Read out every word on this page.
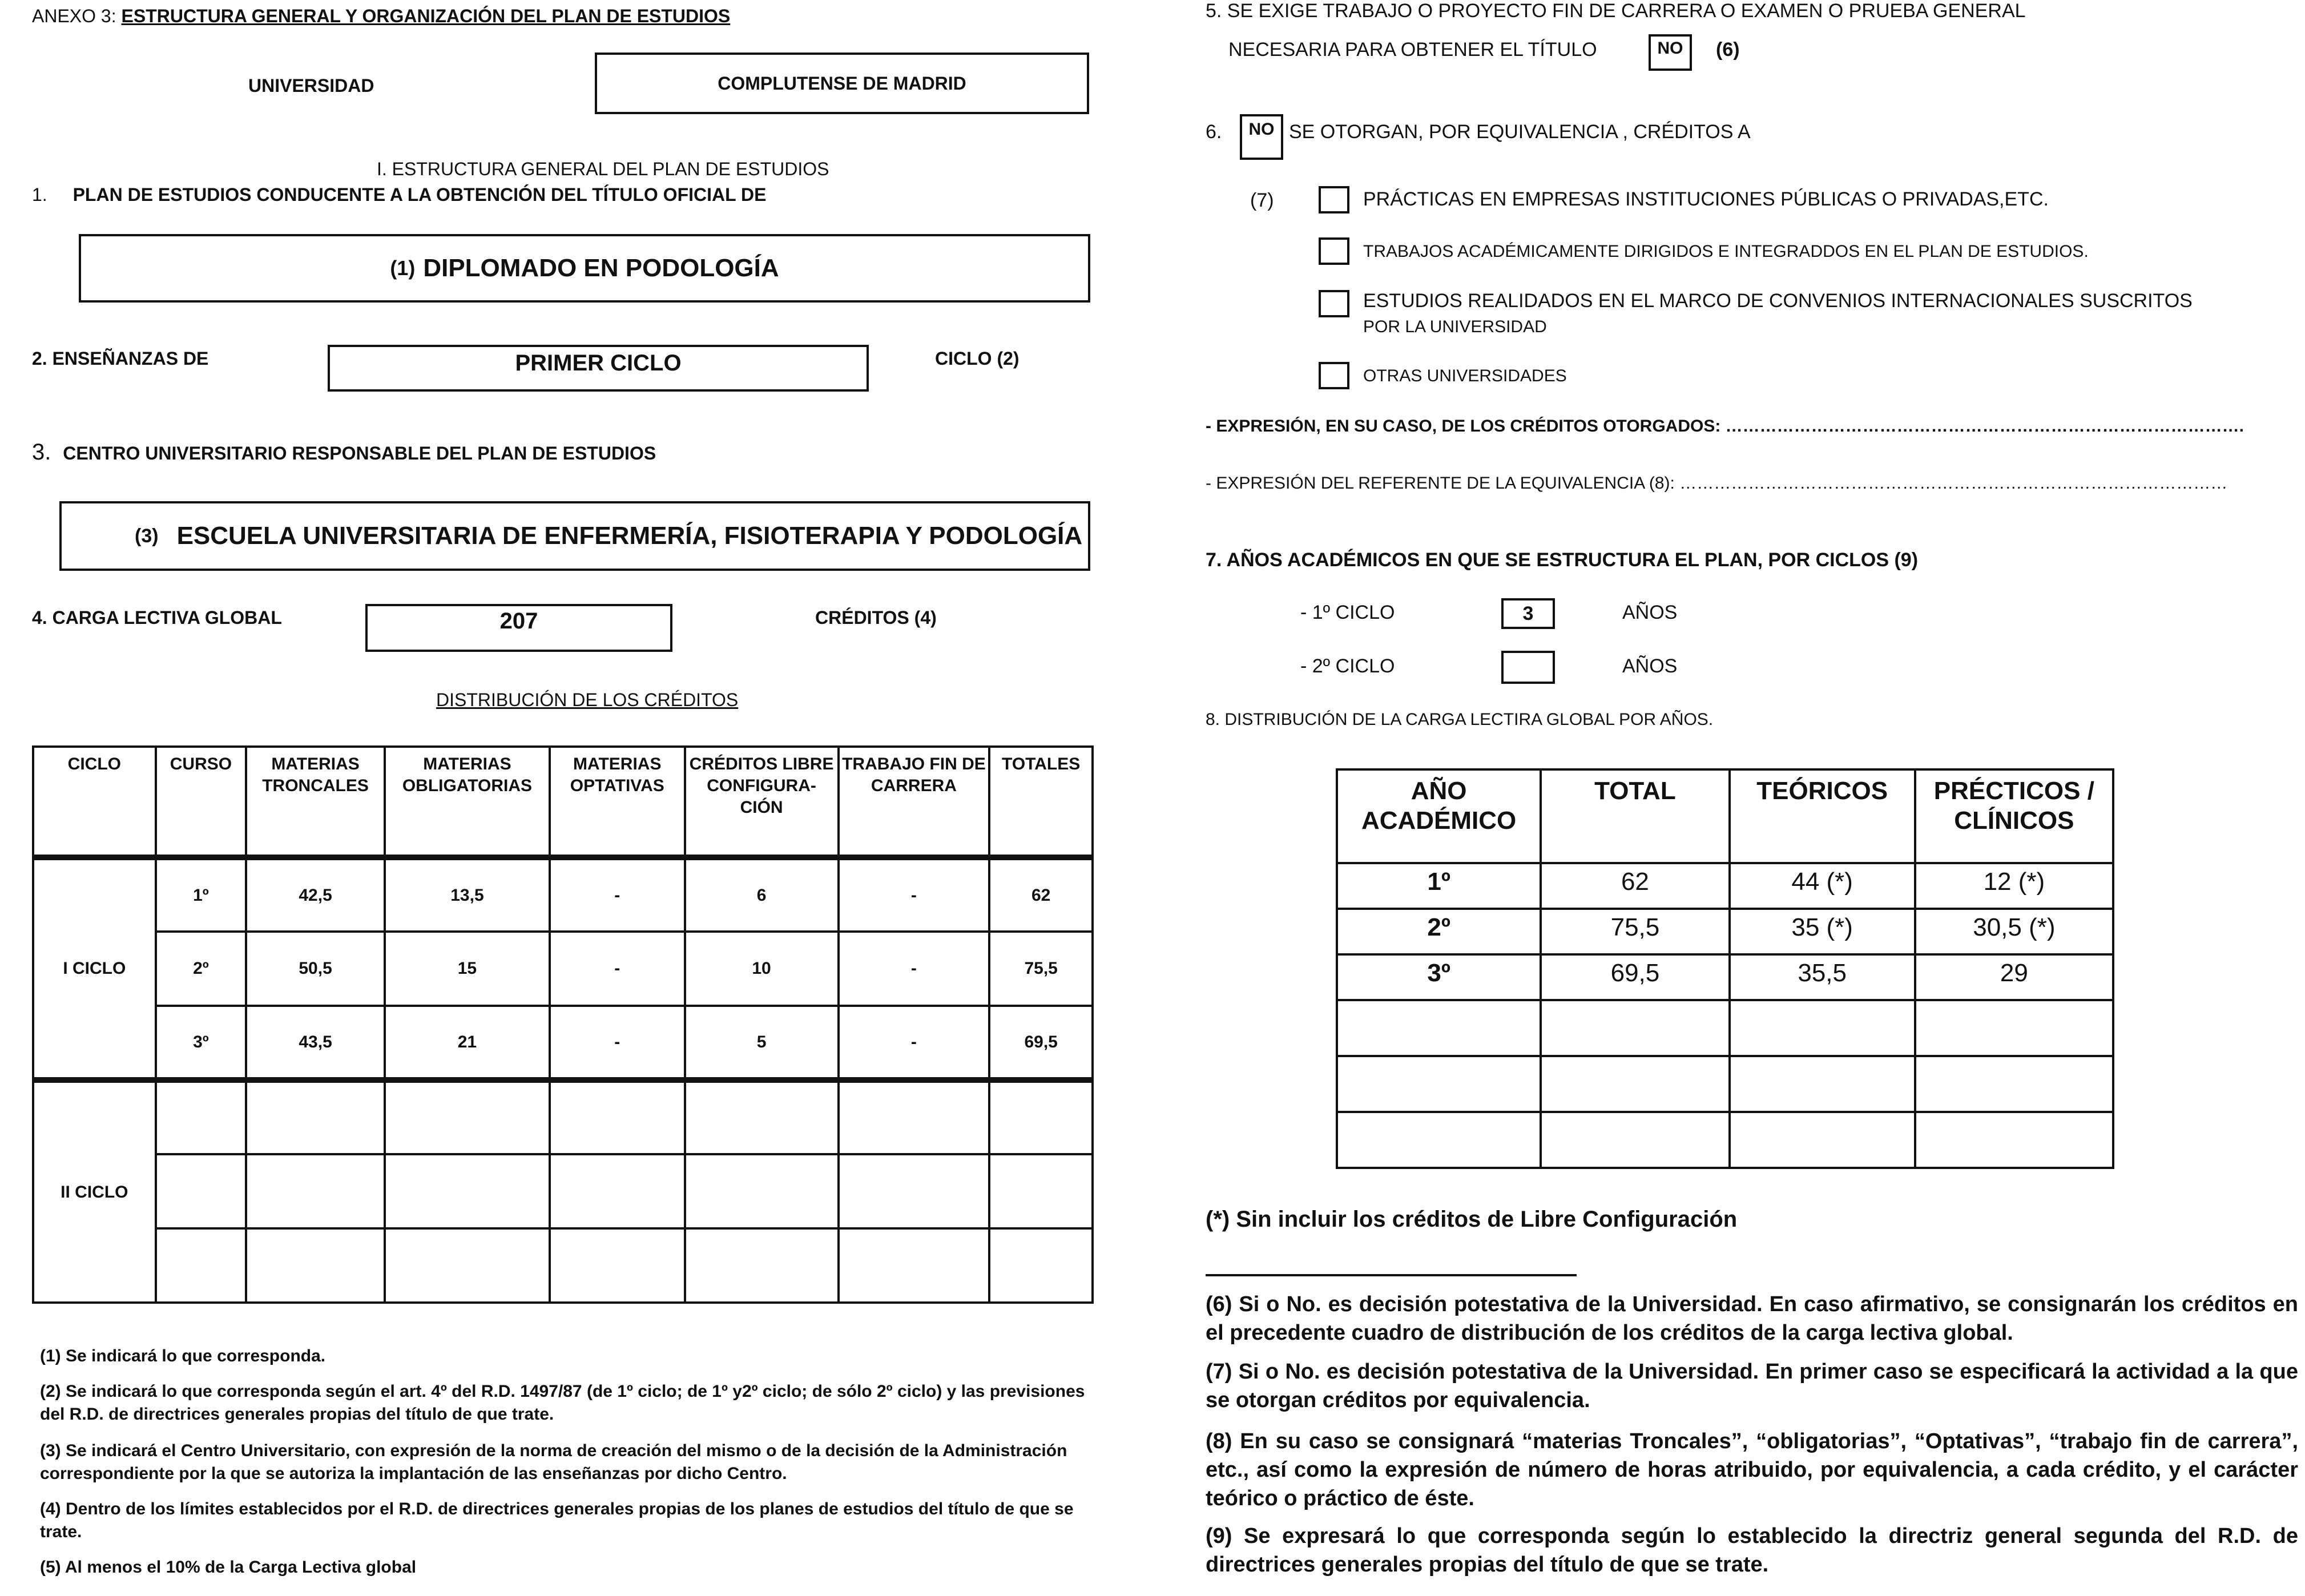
ANEXO 3: ESTRUCTURA GENERAL Y ORGANIZACIÓN DEL PLAN DE ESTUDIOS
UNIVERSIDAD	COMPLUTENSE DE MADRID
I. ESTRUCTURA GENERAL DEL PLAN DE ESTUDIOS
1. PLAN DE ESTUDIOS CONDUCENTE A LA OBTENCIÓN DEL TÍTULO OFICIAL DE
(1) DIPLOMADO EN PODOLOGÍA
2. ENSEÑANZAS DE	PRIMER CICLO	CICLO (2)
3. CENTRO UNIVERSITARIO RESPONSABLE DEL PLAN DE ESTUDIOS
(3) ESCUELA UNIVERSITARIA DE ENFERMERÍA, FISIOTERAPIA Y PODOLOGÍA
4. CARGA LECTIVA GLOBAL	207	CRÉDITOS (4)
DISTRIBUCIÓN DE LOS CRÉDITOS
CICLO	CURSO	MATERIAS TRONCALES	MATERIAS OBLIGATORIAS	MATERIAS OPTATIVAS	CRÉDITOS LIBRE CONFIGURA-CIÓN	TRABAJO FIN DE CARRERA	TOTALES
I CICLO	1º	42,5	13,5	-	6	-	62
	2º	50,5	15	-	10	-	75,5
	3º	43,5	21	-	5	-	69,5
II CICLO							

(1) Se indicará lo que corresponda.
(2) Se indicará lo que corresponda según el art. 4º del R.D. 1497/87 (de 1º ciclo; de 1º y2º ciclo; de sólo 2º ciclo) y las previsiones del R.D. de directrices generales propias del título de que trate.
(3) Se indicará el Centro Universitario, con expresión de la norma de creación del mismo o de la decisión de la Administración correspondiente por la que se autoriza la implantación de las enseñanzas por dicho Centro.
(4) Dentro de los límites establecidos por el R.D. de directrices generales propias de los planes de estudios del título de que se trate.
(5) Al menos el 10% de la Carga Lectiva global
5. SE EXIGE TRABAJO O PROYECTO FIN DE CARRERA O EXAMEN O PRUEBA GENERAL
NECESARIA PARA OBTENER EL TÍTULO	NO (6)
6. NO SE OTORGAN, POR EQUIVALENCIA , CRÉDITOS A
(7)	PRÁCTICAS EN EMPRESAS INSTITUCIONES PÚBLICAS O PRIVADAS,ETC.
TRABAJOS ACADÉMICAMENTE DIRIGIDOS E INTEGRADDOS EN EL PLAN DE ESTUDIOS.
ESTUDIOS REALIDADOS EN EL MARCO DE CONVENIOS INTERNACIONALES SUSCRITOS
POR LA UNIVERSIDAD
OTRAS UNIVERSIDADES
- EXPRESIÓN, EN SU CASO, DE LOS CRÉDITOS OTORGADOS: ……………………………………………………………………………….
- EXPRESIÓN DEL REFERENTE DE LA EQUIVALENCIA (8): ……………………………………………………………………………………
7. AÑOS ACADÉMICOS EN QUE SE ESTRUCTURA EL PLAN, POR CICLOS (9)
- 1º CICLO	3	AÑOS
- 2º CICLO	AÑOS
8. DISTRIBUCIÓN DE LA CARGA LECTIRA GLOBAL POR AÑOS.
AÑO ACADÉMICO	TOTAL	TEÓRICOS	PRÉCTICOS / CLÍNICOS
1º	62	44 (*)	12 (*)
2º	75,5	35 (*)	30,5 (*)
3º	69,5	35,5	29

(*) Sin incluir los créditos de Libre Configuración
(6) Si o No. es decisión potestativa de la Universidad. En caso afirmativo, se consignarán los créditos en el precedente cuadro de distribución de los créditos de la carga lectiva global.
(7) Si o No. es decisión potestativa de la Universidad. En primer caso se especificará la actividad a la que se otorgan créditos por equivalencia.
(8) En su caso se consignará “materias Troncales”, “obligatorias”, “Optativas”, “trabajo fin de carrera”, etc., así como la expresión de número de horas atribuido, por equivalencia, a cada crédito, y el carácter teórico o práctico de éste.
(9) Se expresará lo que corresponda según lo establecido la directriz general segunda del R.D. de directrices generales propias del título de que se trate.
